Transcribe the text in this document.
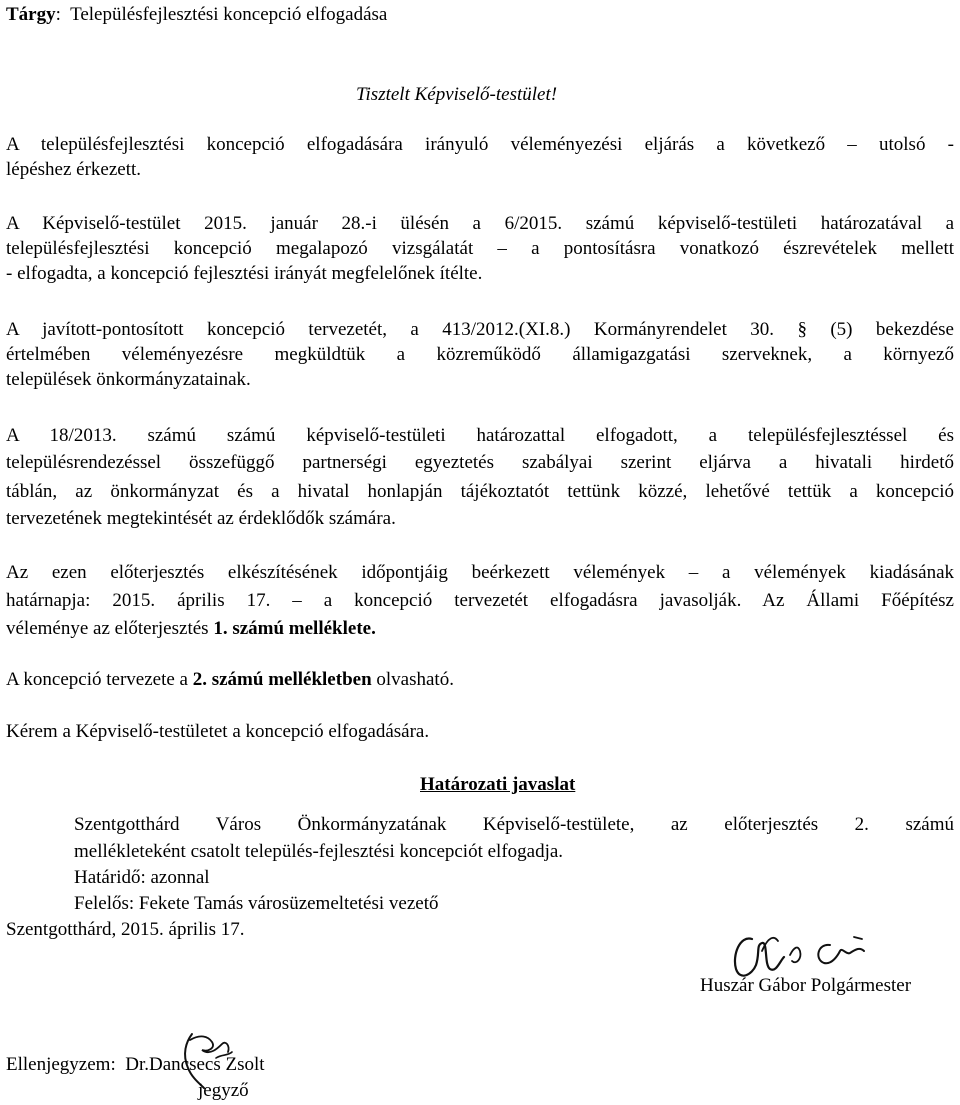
Tárgy: Településfejlesztési koncepció elfogadása
Tisztelt Képviselő-testület!
A településfejlesztési koncepció elfogadására irányuló véleményezési eljárás a következő – utolsó -
lépéshez érkezett.
A Képviselő-testület 2015. január 28.-i ülésén a 6/2015. számú képviselő-testületi határozatával a
településfejlesztési koncepció megalapozó vizsgálatát – a pontosításra vonatkozó észrevételek mellett
- elfogadta, a koncepció fejlesztési irányát megfelelőnek ítélte.
A javított-pontosított koncepció tervezetét, a 413/2012.(XI.8.) Kormányrendelet 30. § (5) bekezdése
értelmében véleményezésre megküldtük a közreműködő államigazgatási szerveknek, a környező
települések önkormányzatainak.
A 18/2013. számú számú képviselő-testületi határozattal elfogadott, a településfejlesztéssel és
településrendezéssel összefüggő partnerségi egyeztetés szabályai szerint eljárva a hivatali hirdető
táblán, az önkormányzat és a hivatal honlapján tájékoztatót tettünk közzé, lehetővé tettük a koncepció
tervezetének megtekintését az érdeklődők számára.
Az ezen előterjesztés elkészítésének időpontjáig beérkezett vélemények – a vélemények kiadásának
határnapja: 2015. április 17. – a koncepció tervezetét elfogadásra javasolják. Az Állami Főépítész
véleménye az előterjesztés 1. számú melléklete.
A koncepció tervezete a 2. számú mellékletben olvasható.
Kérem a Képviselő-testületet a koncepció elfogadására.
Határozati javaslat
Szentgotthárd Város Önkormányzatának Képviselő-testülete, az előterjesztés 2. számú
mellékleteként csatolt település-fejlesztési koncepciót elfogadja.
Határidő: azonnal
Felelős: Fekete Tamás városüzemeltetési vezető
Szentgotthárd, 2015. április 17.
Huszár Gábor Polgármester
Ellenjegyzem: Dr.Dancsecs Zsolt
jegyző
